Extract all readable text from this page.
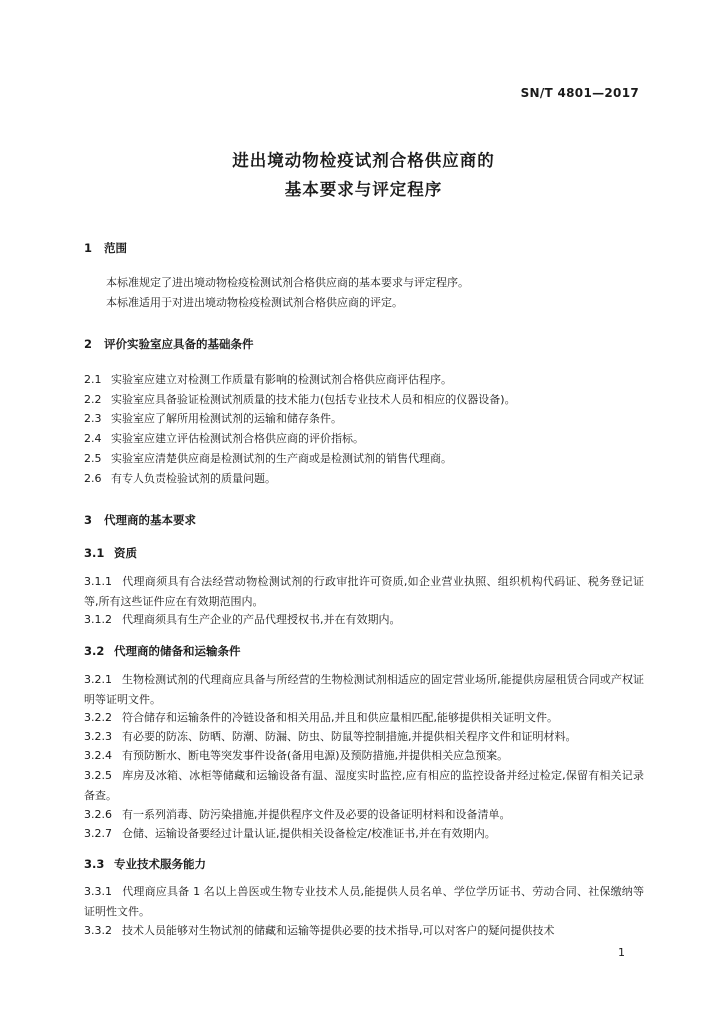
SN/T 4801—2017
进出境动物检疫试剂合格供应商的
基本要求与评定程序
1 范围
本标准规定了进出境动物检疫检测试剂合格供应商的基本要求与评定程序。
本标准适用于对进出境动物检疫检测试剂合格供应商的评定。
2 评价实验室应具备的基础条件
2.1 实验室应建立对检测工作质量有影响的检测试剂合格供应商评估程序。
2.2 实验室应具备验证检测试剂质量的技术能力(包括专业技术人员和相应的仪器设备)。
2.3 实验室应了解所用检测试剂的运输和储存条件。
2.4 实验室应建立评估检测试剂合格供应商的评价指标。
2.5 实验室应清楚供应商是检测试剂的生产商或是检测试剂的销售代理商。
2.6 有专人负责检验试剂的质量问题。
3 代理商的基本要求
3.1 资质
3.1.1 代理商须具有合法经营动物检测试剂的行政审批许可资质,如企业营业执照、组织机构代码证、税务登记证等,所有这些证件应在有效期范围内。
3.1.2 代理商须具有生产企业的产品代理授权书,并在有效期内。
3.2 代理商的储备和运输条件
3.2.1 生物检测试剂的代理商应具备与所经营的生物检测试剂相适应的固定营业场所,能提供房屋租赁合同或产权证明等证明文件。
3.2.2 符合储存和运输条件的冷链设备和相关用品,并且和供应量相匹配,能够提供相关证明文件。
3.2.3 有必要的防冻、防晒、防潮、防漏、防虫、防鼠等控制措施,并提供相关程序文件和证明材料。
3.2.4 有预防断水、断电等突发事件设备(备用电源)及预防措施,并提供相关应急预案。
3.2.5 库房及冰箱、冰柜等储藏和运输设备有温、湿度实时监控,应有相应的监控设备并经过检定,保留有相关记录备查。
3.2.6 有一系列消毒、防污染措施,并提供程序文件及必要的设备证明材料和设备清单。
3.2.7 仓储、运输设备要经过计量认证,提供相关设备检定/校准证书,并在有效期内。
3.3 专业技术服务能力
3.3.1 代理商应具备 1 名以上兽医或生物专业技术人员,能提供人员名单、学位学历证书、劳动合同、社保缴纳等证明性文件。
3.3.2 技术人员能够对生物试剂的储藏和运输等提供必要的技术指导,可以对客户的疑问提供技术
1
